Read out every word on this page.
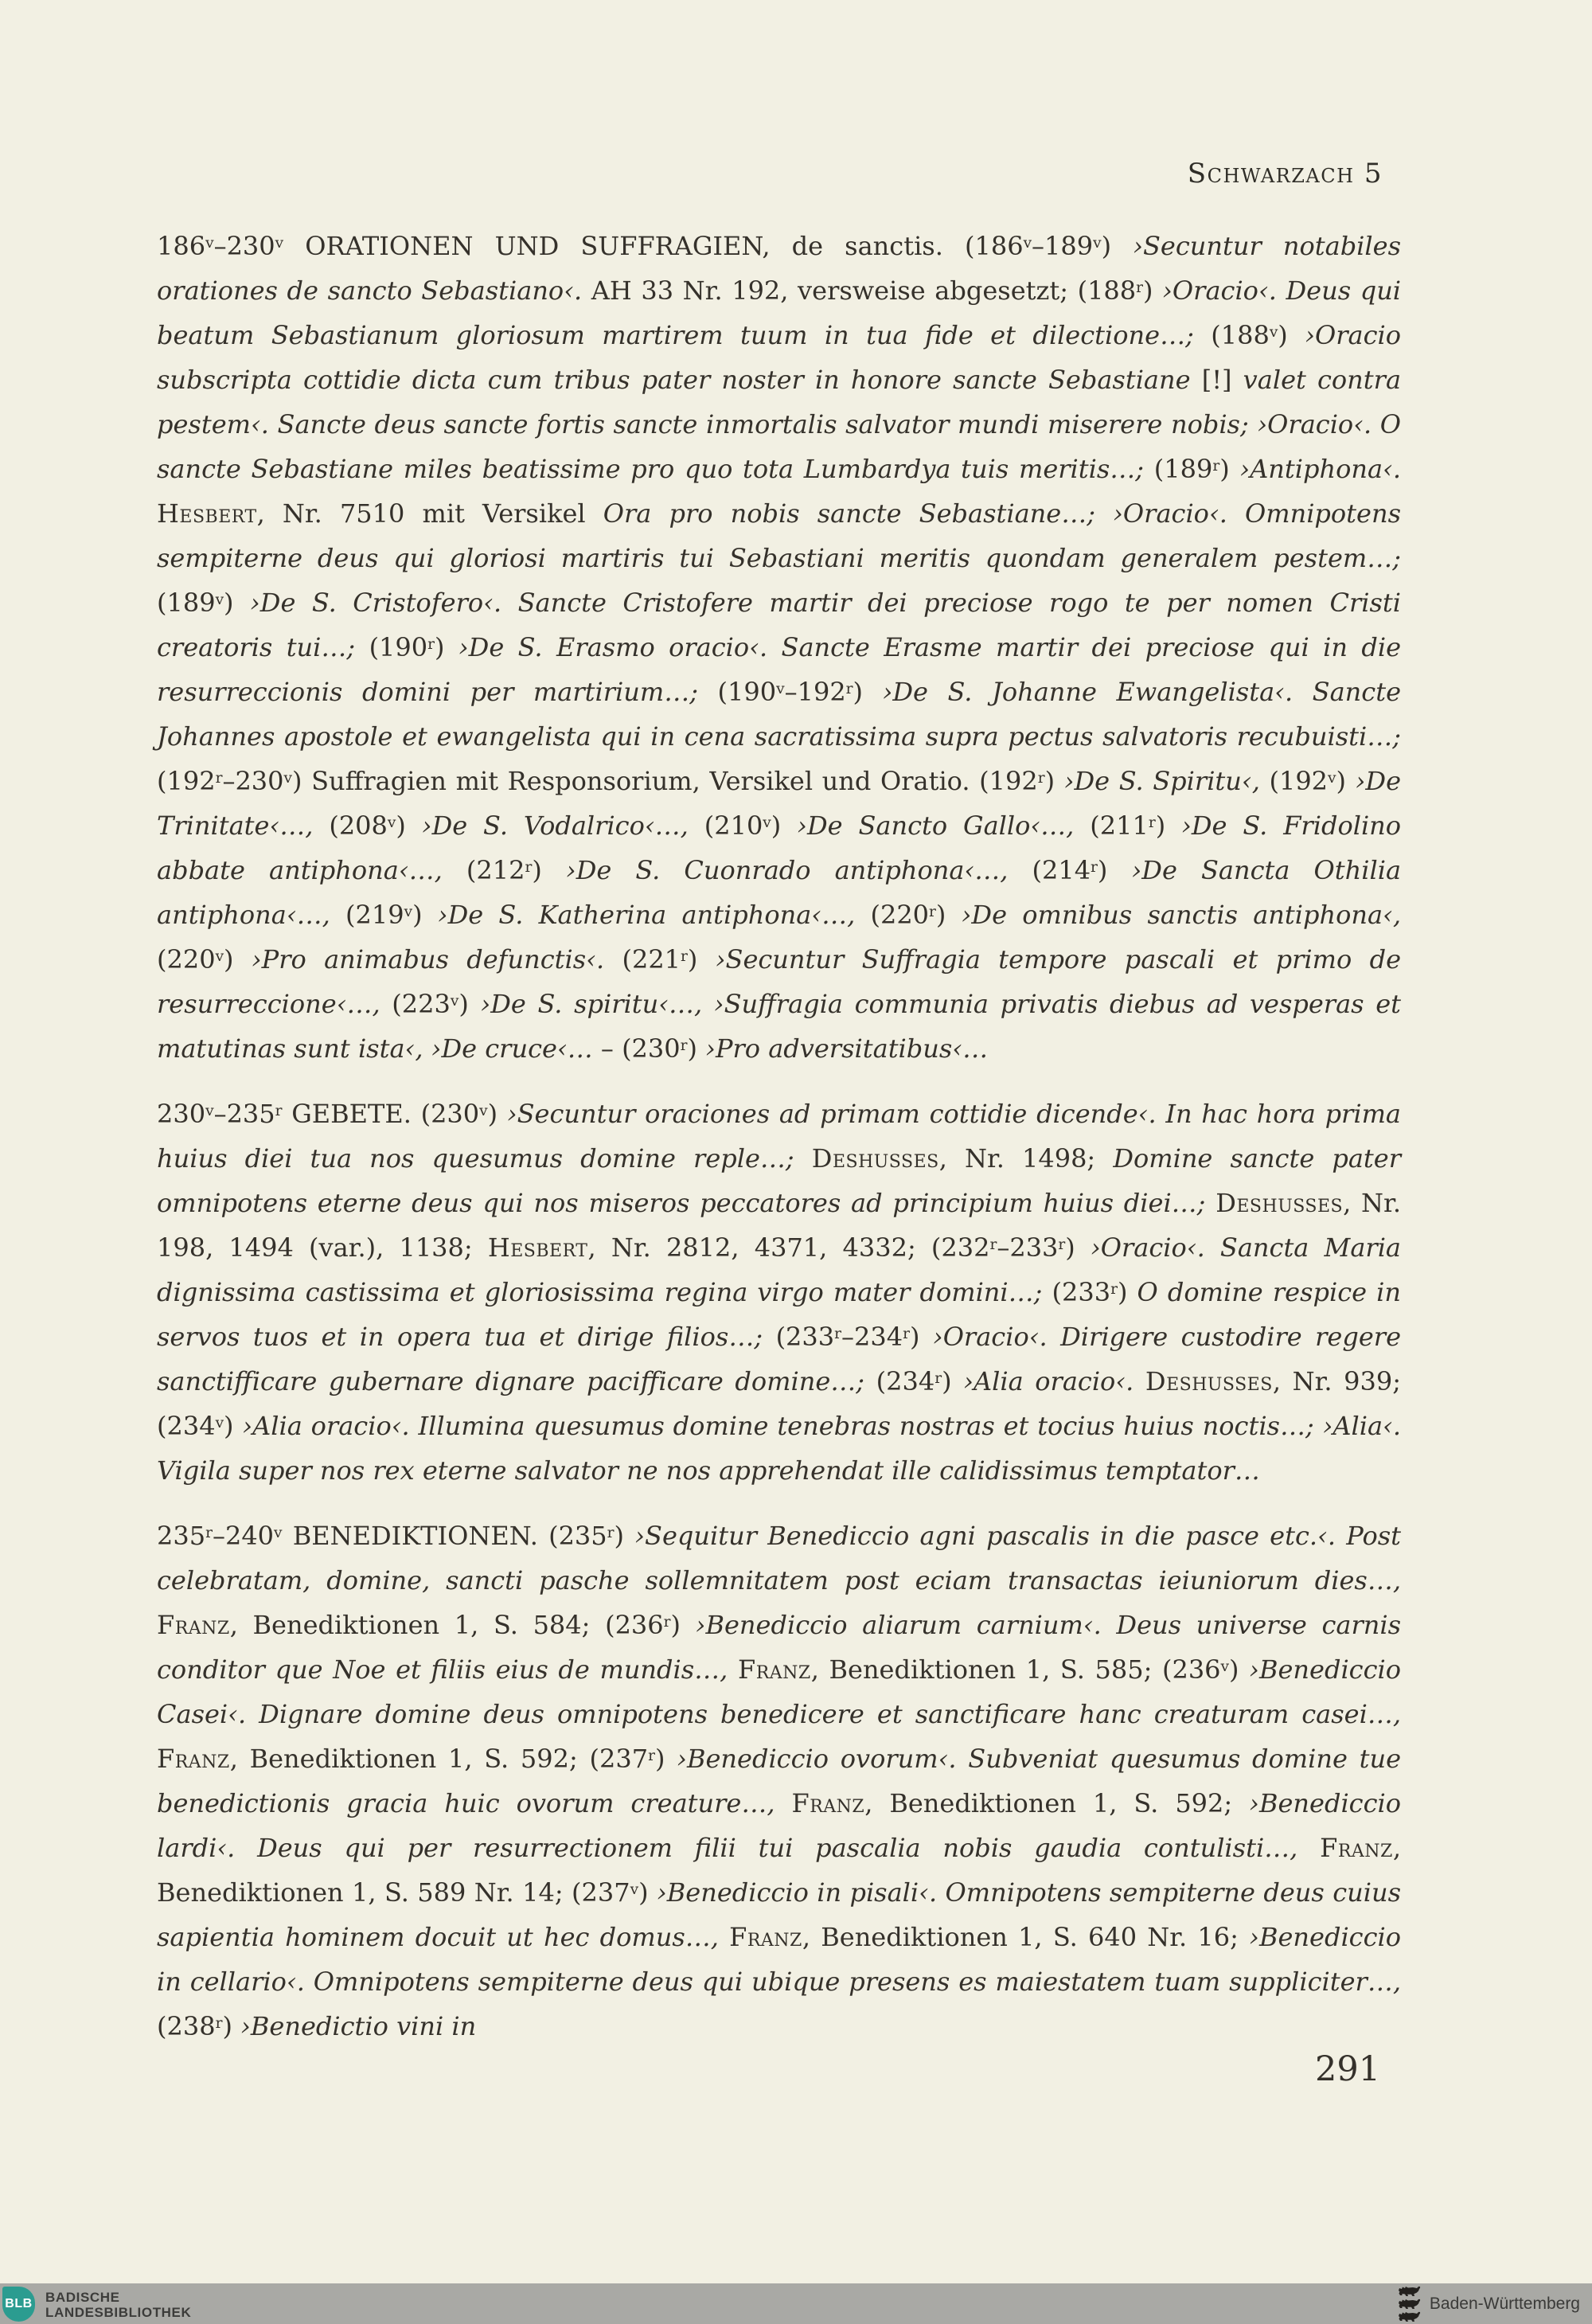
Schwarzach 5

186$^v$–230$^v$ ORATIONEN UND SUFFRAGIEN, de sanctis. (186$^v$–189$^v$) ›Secuntur notabiles orationes de sancto Sebastiano‹. AH 33 Nr. 192, versweise abgesetzt; (188$^r$) ›Oracio‹. Deus qui beatum Sebastianum gloriosum martirem tuum in tua fide et dilectione…; (188$^v$) ›Oracio subscripta cottidie dicta cum tribus pater noster in honore sancte Sebastiane [!] valet contra pestem‹. Sancte deus sancte fortis sancte inmortalis salvator mundi miserere nobis; ›Oracio‹. O sancte Sebastiane miles beatissime pro quo tota Lumbardya tuis meritis…; (189$^r$) ›Antiphona‹. Hesbert, Nr. 7510 mit Versikel Ora pro nobis sancte Sebastiane…; ›Oracio‹. Omnipotens sempiterne deus qui gloriosi martiris tui Sebastiani meritis quondam generalem pestem…; (189$^v$) ›De S. Cristofero‹. Sancte Cristofere martir dei preciose rogo te per nomen Cristi creatoris tui…; (190$^r$) ›De S. Erasmo oracio‹. Sancte Erasme martir dei preciose qui in die resurreccionis domini per martirium…; (190$^v$–192$^r$) ›De S. Johanne Ewangelista‹. Sancte Johannes apostole et ewangelista qui in cena sacratissima supra pectus salvatoris recubuisti…; (192$^r$–230$^v$) Suffragien mit Responsorium, Versikel und Oratio. (192$^r$) ›De S. Spiritu‹, (192$^v$) ›De Trinitate‹…, (208$^v$) ›De S. Vodalrico‹…, (210$^v$) ›De Sancto Gallo‹…, (211$^r$) ›De S. Fridolino abbate antiphona‹…, (212$^r$) ›De S. Cuonrado antiphona‹…, (214$^r$) ›De Sancta Othilia antiphona‹…, (219$^v$) ›De S. Katherina antiphona‹…, (220$^r$) ›De omnibus sanctis antiphona‹, (220$^v$) ›Pro animabus defunctis‹. (221$^r$) ›Secuntur Suffragia tempore pascali et primo de resurreccione‹…, (223$^v$) ›De S. spiritu‹…, ›Suffragia communia privatis diebus ad vesperas et matutinas sunt ista‹, ›De cruce‹… – (230$^r$) ›Pro adversitatibus‹…

230$^v$–235$^r$ GEBETE. (230$^v$) ›Secuntur oraciones ad primam cottidie dicende‹. In hac hora prima huius diei tua nos quesumus domine reple…; Deshusses, Nr. 1498; Domine sancte pater omnipotens eterne deus qui nos miseros peccatores ad principium huius diei…; Deshusses, Nr. 198, 1494 (var.), 1138; Hesbert, Nr. 2812, 4371, 4332; (232$^r$–233$^r$) ›Oracio‹. Sancta Maria dignissima castissima et gloriosissima regina virgo mater domini…; (233$^r$) O domine respice in servos tuos et in opera tua et dirige filios…; (233$^r$–234$^r$) ›Oracio‹. Dirigere custodire regere sanctifficare gubernare dignare pacifficare domine…; (234$^r$) ›Alia oracio‹. Deshusses, Nr. 939; (234$^v$) ›Alia oracio‹. Illumina quesumus domine tenebras nostras et tocius huius noctis…; ›Alia‹. Vigila super nos rex eterne salvator ne nos apprehendat ille calidissimus temptator…

235$^r$–240$^v$ BENEDIKTIONEN. (235$^r$) ›Sequitur Benediccio agni pascalis in die pasce etc.‹. Post celebratam, domine, sancti pasche sollemnitatem post eciam transactas ieiuniorum dies…, Franz, Benediktionen 1, S. 584; (236$^r$) ›Benediccio aliarum carnium‹. Deus universe carnis conditor que Noe et filiis eius de mundis…, Franz, Benediktionen 1, S. 585; (236$^v$) ›Benediccio Casei‹. Dignare domine deus omnipotens benedicere et sanctificare hanc creaturam casei…, Franz, Benediktionen 1, S. 592; (237$^r$) ›Benediccio ovorum‹. Subveniat quesumus domine tue benedictionis gracia huic ovorum creature…, Franz, Benediktionen 1, S. 592; ›Benediccio lardi‹. Deus qui per resurrectionem filii tui pascalia nobis gaudia contulisti…, Franz, Benediktionen 1, S. 589 Nr. 14; (237$^v$) ›Benediccio in pisali‹. Omnipotens sempiterne deus cuius sapientia hominem docuit ut hec domus…, Franz, Benediktionen 1, S. 640 Nr. 16; ›Benediccio in cellario‹. Omnipotens sempiterne deus qui ubique presens es maiestatem tuam suppliciter…, (238$^r$) ›Benedictio vini in

291
BLB BADISCHE
LANDESBIBLIOTHEK	Baden-Württemberg
